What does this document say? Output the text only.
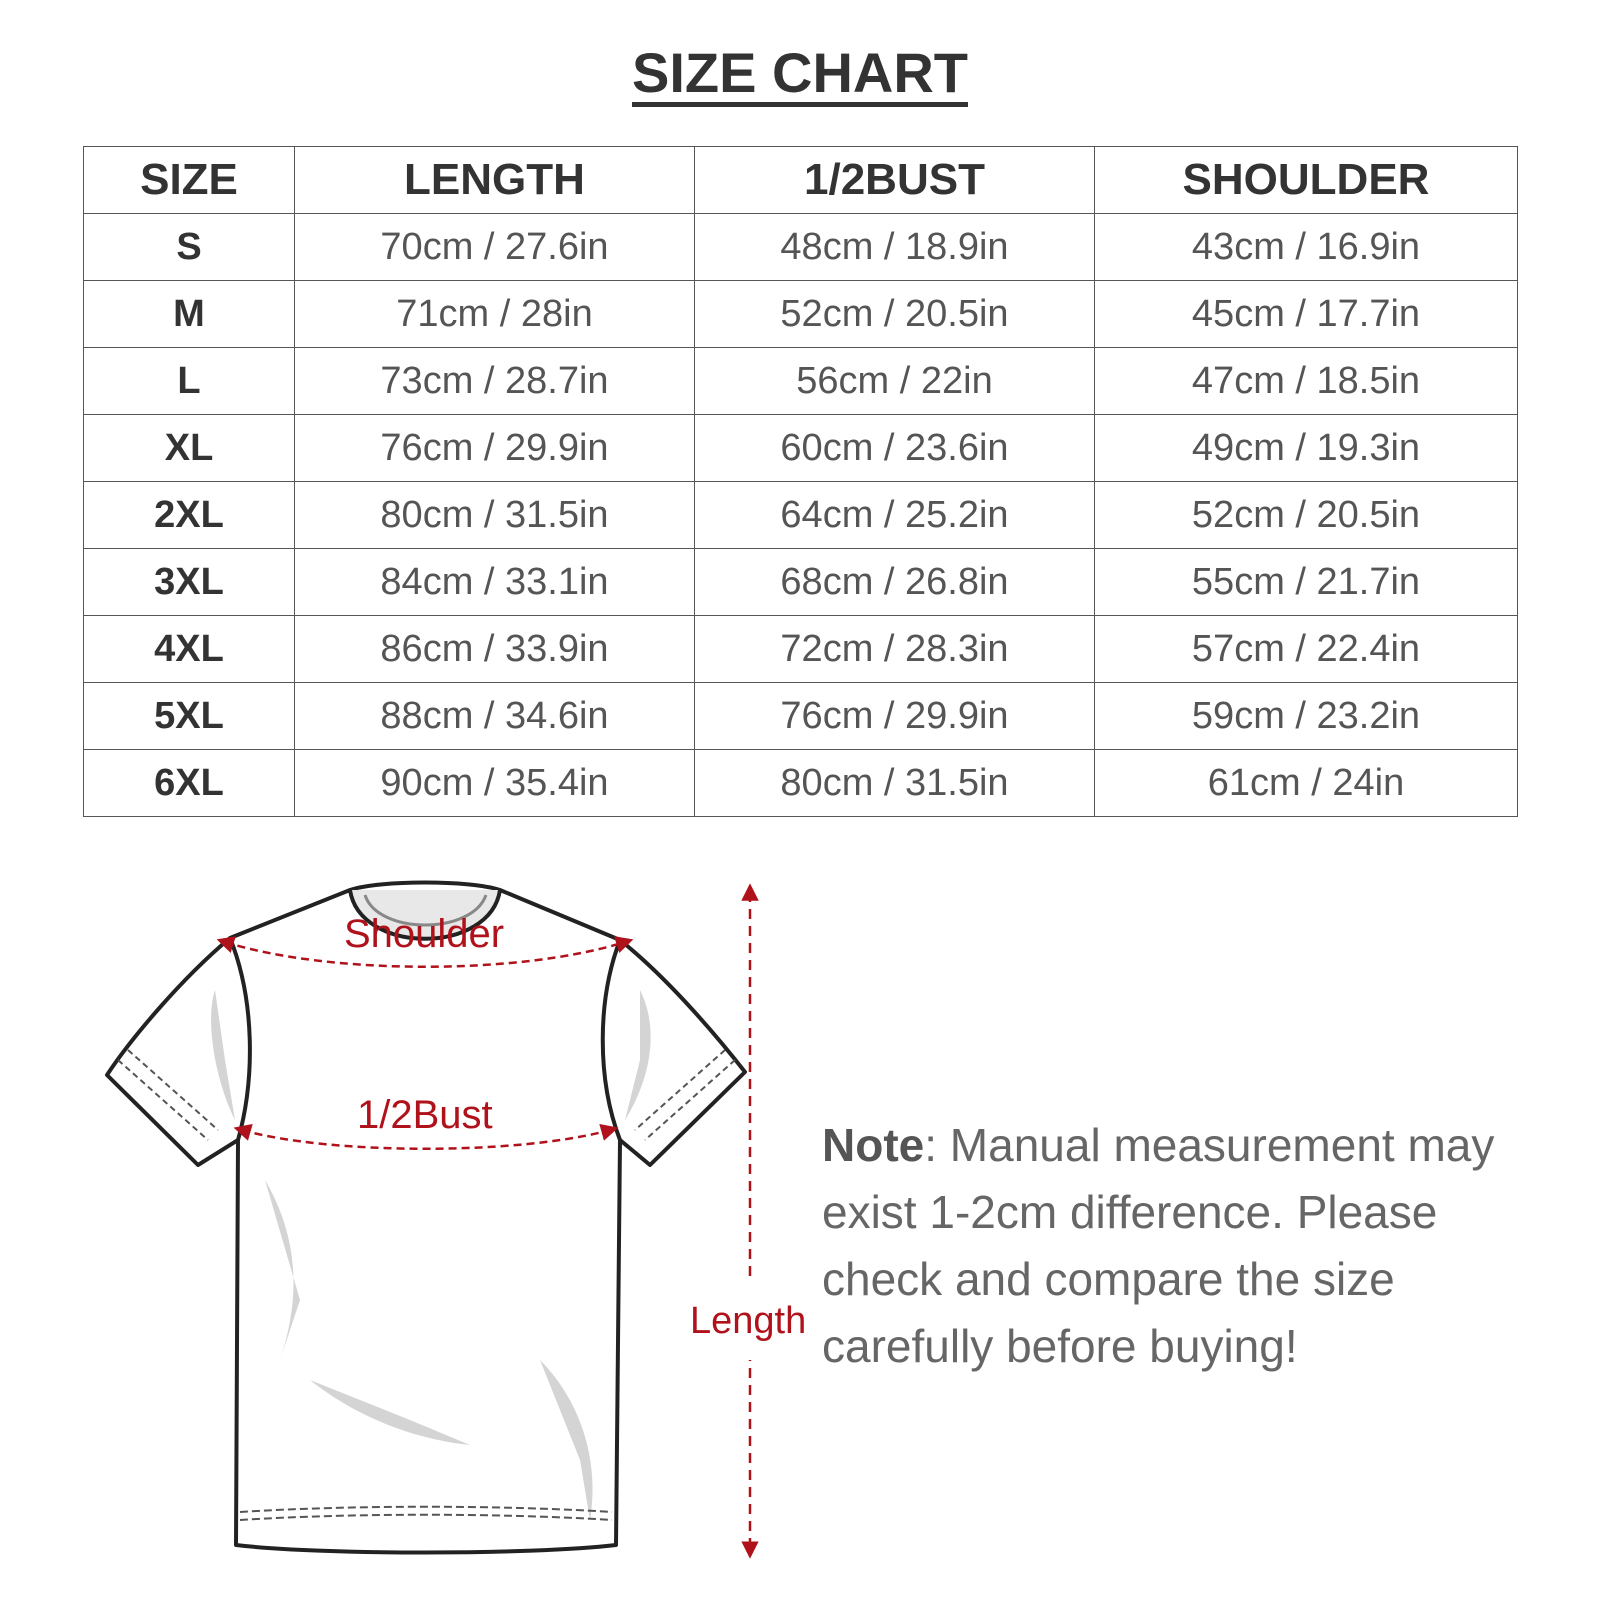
SIZE CHART
SIZE	LENGTH	1/2BUST	SHOULDER
S	70cm / 27.6in	48cm / 18.9in	43cm / 16.9in
M	71cm / 28in	52cm / 20.5in	45cm / 17.7in
L	73cm / 28.7in	56cm / 22in	47cm / 18.5in
XL	76cm / 29.9in	60cm / 23.6in	49cm / 19.3in
2XL	80cm / 31.5in	64cm / 25.2in	52cm / 20.5in
3XL	84cm / 33.1in	68cm / 26.8in	55cm / 21.7in
4XL	86cm / 33.9in	72cm / 28.3in	57cm / 22.4in
5XL	88cm / 34.6in	76cm / 29.9in	59cm / 23.2in
6XL	90cm / 35.4in	80cm / 31.5in	61cm / 24in
Shoulder
1/2Bust
Length
Note: Manual measurement may exist 1-2cm difference. Please check and compare the size carefully before buying!
